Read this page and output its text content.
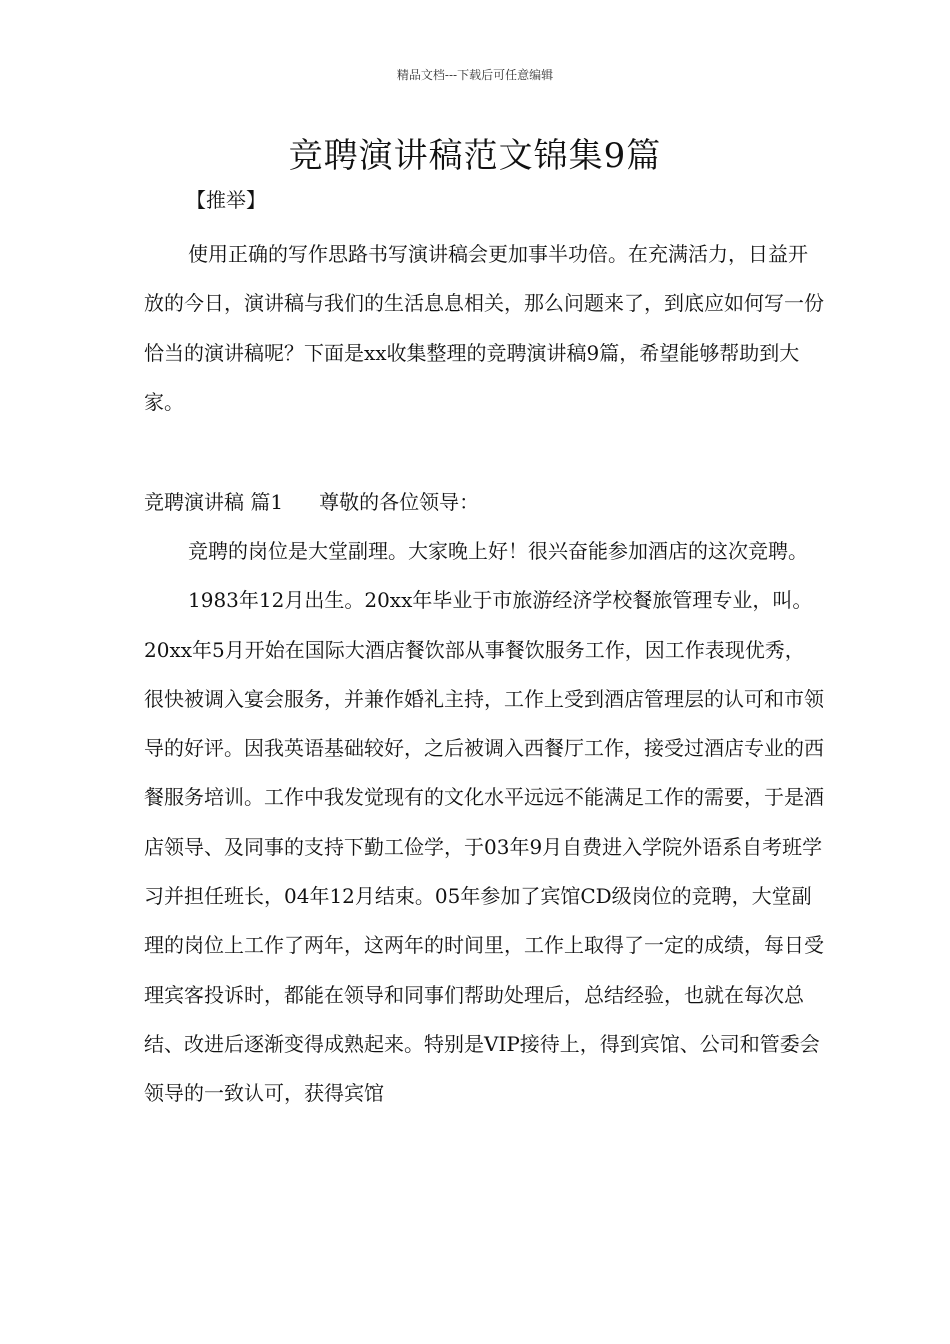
精品文档---下载后可任意编辑
竞聘演讲稿范文锦集9篇
【推举】

使用正确的写作思路书写演讲稿会更加事半功倍。在充满活力，日益开放的今日，演讲稿与我们的生活息息相关，那么问题来了，到底应如何写一份恰当的演讲稿呢？下面是xx收集整理的竞聘演讲稿9篇，希望能够帮助到大家。

竞聘演讲稿 篇1 尊敬的各位领导：

竞聘的岗位是大堂副理。大家晚上好！很兴奋能参加酒店的这次竞聘。

1983年12月出生。20xx年毕业于市旅游经济学校餐旅管理专业，叫。20xx年5月开始在国际大酒店餐饮部从事餐饮服务工作，因工作表现优秀，很快被调入宴会服务，并兼作婚礼主持，工作上受到酒店管理层的认可和市领导的好评。因我英语基础较好，之后被调入西餐厅工作，接受过酒店专业的西餐服务培训。工作中我发觉现有的文化水平远远不能满足工作的需要，于是酒店领导、及同事的支持下勤工俭学，于03年9月自费进入学院外语系自考班学习并担任班长，04年12月结束。05年参加了宾馆CD级岗位的竞聘，大堂副理的岗位上工作了两年，这两年的时间里，工作上取得了一定的成绩，每日受理宾客投诉时，都能在领导和同事们帮助处理后，总结经验，也就在每次总结、改进后逐渐变得成熟起来。特别是VIP接待上，得到宾馆、公司和管委会领导的一致认可，获得宾馆
